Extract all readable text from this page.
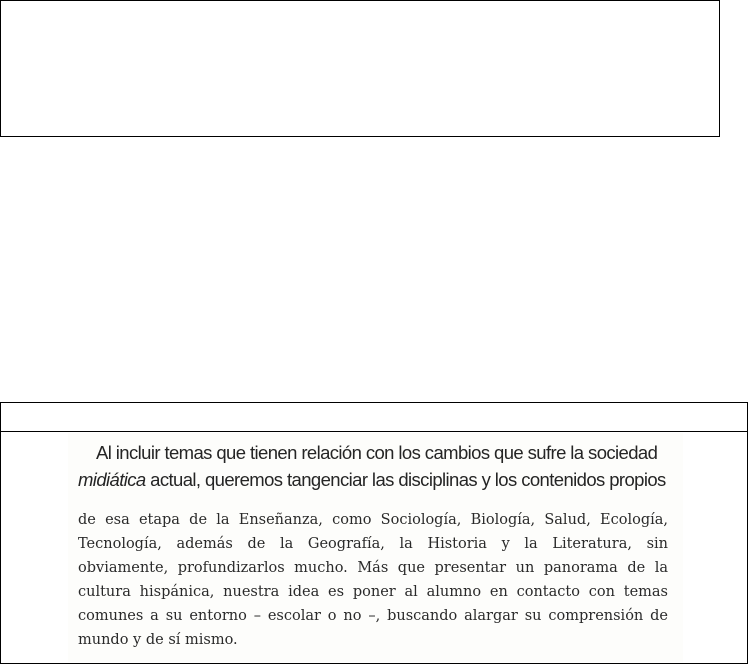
Al incluir temas que tienen relación con los cambios que sufre la sociedad
midiática actual, queremos tangenciar las disciplinas y los contenidos propios
de esa etapa de la Enseñanza, como Sociología, Biología, Salud, Ecología,
Tecnología, además de la Geografía, la Historia y la Literatura, sin
obviamente, profundizarlos mucho. Más que presentar un panorama de la
cultura hispánica, nuestra idea es poner al alumno en contacto con temas
comunes a su entorno – escolar o no –, buscando alargar su comprensión de
mundo y de sí mismo.
